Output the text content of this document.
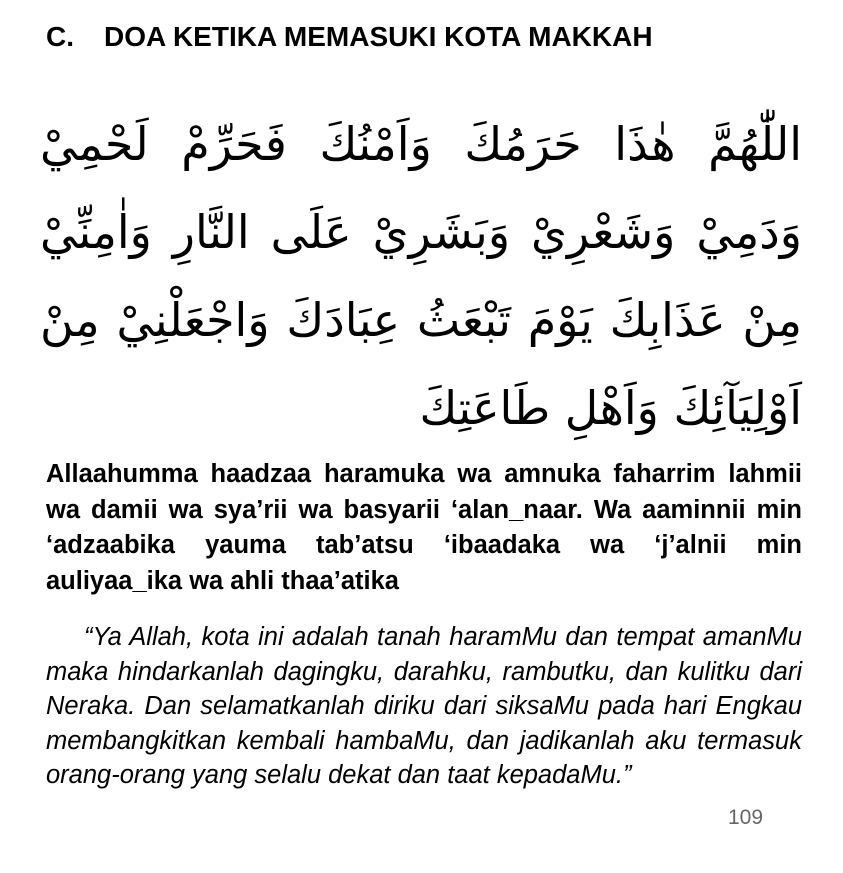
C. DOA KETIKA MEMASUKI KOTA MAKKAH

اللّٰهُمَّ هٰذَا حَرَمُكَ وَاَمْنُكَ فَحَرِّمْ لَحْمِيْ وَدَمِيْ وَشَعْرِيْ وَبَشَرِيْ عَلَى النَّارِ وَاٰمِنِّيْ مِنْ عَذَابِكَ يَوْمَ تَبْعَثُ عِبَادَكَ وَاجْعَلْنِيْ مِنْ اَوْلِيَآئِكَ وَاَهْلِ طَاعَتِكَ

Allaahumma haadzaa haramuka wa amnuka faharrim lahmii wa damii wa sya’rii wa basyarii ‘alan_naar. Wa aaminnii min ‘adzaabika yauma tab’atsu ‘ibaadaka wa ‘j’alnii min auliyaa_ika wa ahli thaa’atika

“Ya Allah, kota ini adalah tanah haramMu dan tempat amanMu maka hindarkanlah dagingku, darahku, rambutku, dan kulitku dari Neraka. Dan selamatkanlah diriku dari siksaMu pada hari Engkau membangkitkan kembali hambaMu, dan jadikanlah aku termasuk orang-orang yang selalu dekat dan taat kepadaMu.”

109
